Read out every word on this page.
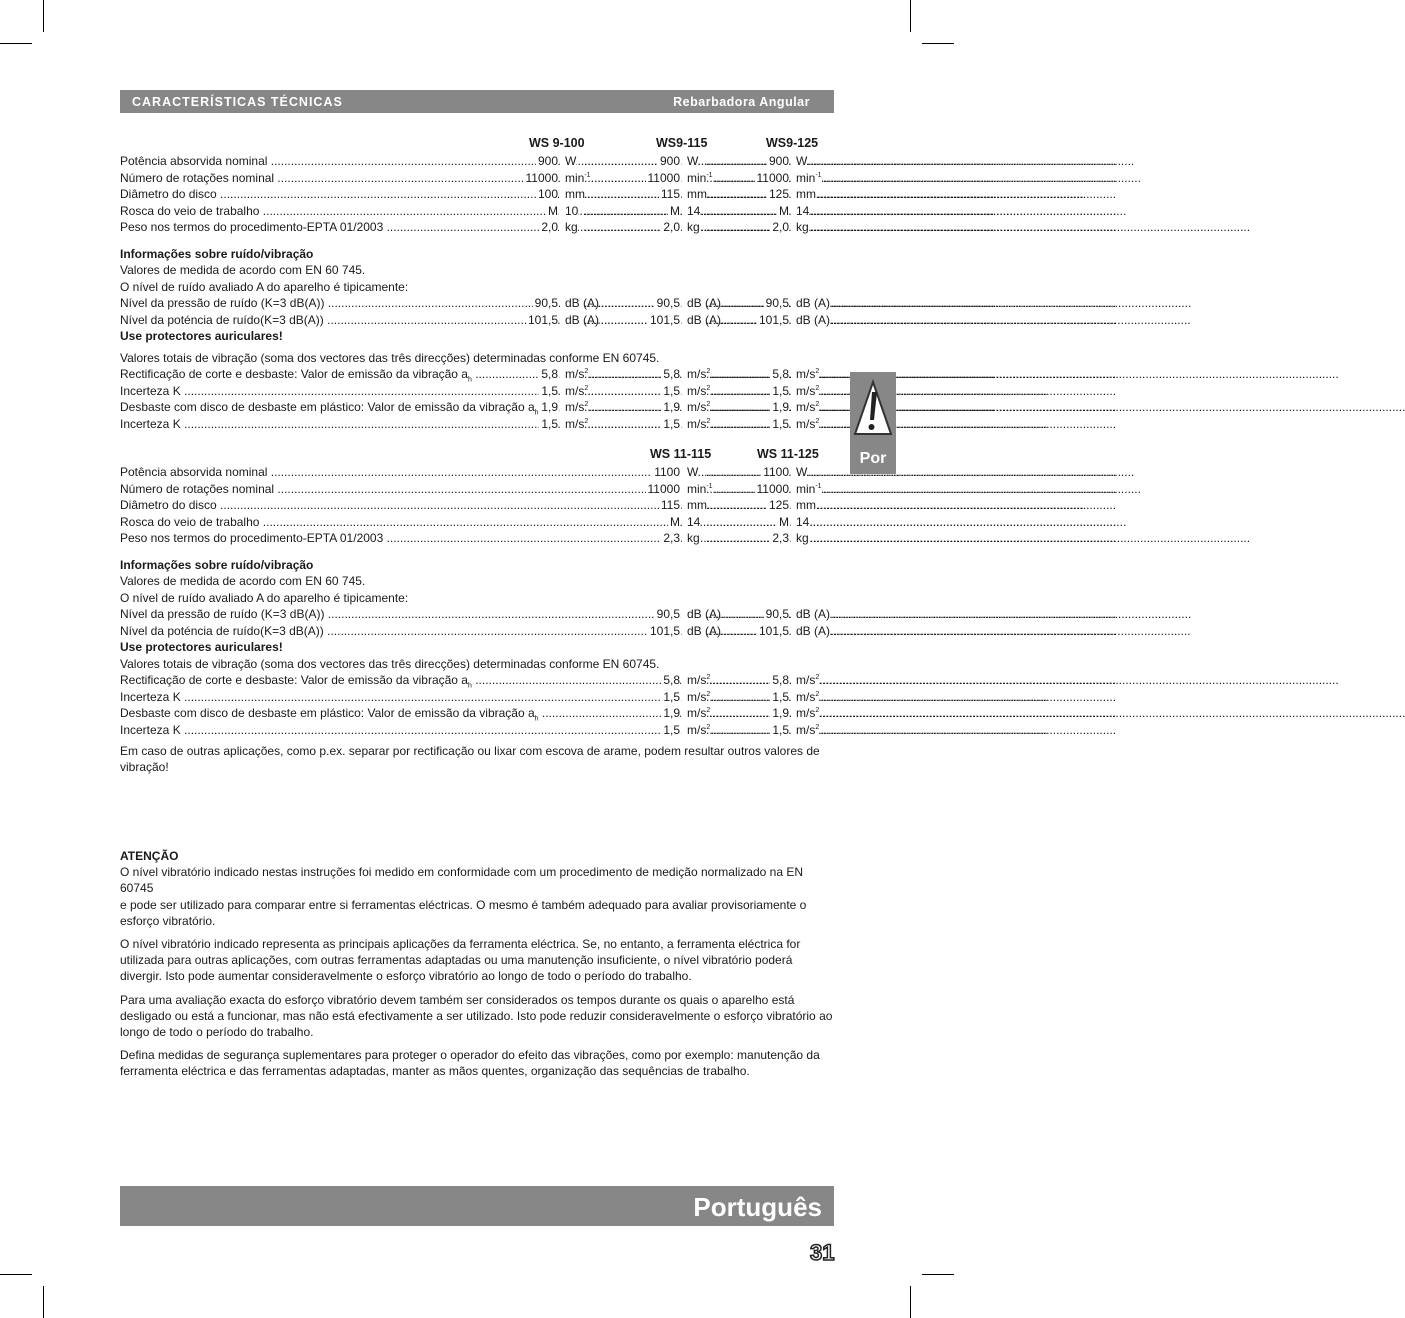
CARACTERÍSTICAS TÉCNICAS	Rebarbadora Angular
WS 9-100	WS9-115	WS9-125
Potência absorvida nominal .....	900 W .....	900 W .....	900 W
Número de rotações nominal .....	11000 $\min^{-1}$ .....	11000 $\min^{-1}$ .....	11000 $\min^{-1}$
Diâmetro do disco .....	100 mm .....	115 mm .....	125 mm
Rosca do veio de trabalho .....	M 10 .....	M 14 .....	M 14
Peso nos termos do procedimento-EPTA 01/2003 .....	2,0 kg .....	2,0 kg .....	2,0 kg
Informações sobre ruído/vibração
Valores de medida de acordo com EN 60 745.
O nível de ruído avaliado A do aparelho é tipicamente:
Nível da pressão de ruído (K=3 dB(A)) .....	90,5 dB (A) .....	90,5 dB (A) .....	90,5 dB (A)
Nível da poténcia de ruído(K=3 dB(A)) .....	101,5 dB (A) .....	101,5 dB (A) .....	101,5 dB (A)
Use protectores auriculares!
Valores totais de vibração (soma dos vectores das três direcções) determinadas conforme EN 60745.
Rectificação de corte e desbaste: Valor de emissão da vibração $a_h$ .....	5,8 $m/s^2$ .....	5,8 $m/s^2$ .....	5,8 $m/s^2$
Incerteza K .....	1,5 $m/s^2$ .....	1,5 $m/s^2$ .....	1,5 $m/s^2$
Desbaste com disco de desbaste em plástico: Valor de emissão da vibração $a_h$ ..... 1,9 $m/s^2$ .....	1,9 $m/s^2$ .....	1,9 $m/s^2$
Incerteza K .....	1,5 $m/s^2$ .....	1,5 $m/s^2$ .....	1,5 $m/s^2$
WS 11-115	WS 11-125
Potência absorvida nominal .....	1100 W .....	1100 W
Número de rotações nominal .....	11000 $\min^{-1}$ .....	11000 $\min^{-1}$
Diâmetro do disco .....	115 mm .....	125 mm
Rosca do veio de trabalho .....	M 14 .....	M 14
Peso nos termos do procedimento-EPTA 01/2003 .....	2,3 kg .....	2,3 kg
Informações sobre ruído/vibração
Valores de medida de acordo com EN 60 745.
O nível de ruído avaliado A do aparelho é tipicamente:
Nível da pressão de ruído (K=3 dB(A)) .....	90,5 dB (A) .....	90,5 dB (A)
Nível da poténcia de ruído(K=3 dB(A)) .....	101,5 dB (A) .....	101,5 dB (A)
Use protectores auriculares!
Valores totais de vibração (soma dos vectores das três direcções) determinadas conforme EN 60745.
Rectificação de corte e desbaste: Valor de emissão da vibração $a_h$ .....	5,8 $m/s^2$ .....	5,8 $m/s^2$
Incerteza K .....	1,5 $m/s^2$ .....	1,5 $m/s^2$
Desbaste com disco de desbaste em plástico: Valor de emissão da vibração $a_h$ .....	1,9 $m/s^2$ .....	1,9 $m/s^2$
Incerteza K .....	1,5 $m/s^2$ .....	1,5 $m/s^2$

Em caso de outras aplicações, como p.ex. separar por rectificação ou lixar com escova de arame, podem resultar outros valores de vibração!

ATENÇÃO

O nível vibratório indicado nestas instruções foi medido em conformidade com um procedimento de medição normalizado na EN 60745

e pode ser utilizado para comparar entre si ferramentas eléctricas. O mesmo é também adequado para avaliar provisoriamente o esforço vibratório.

O nível vibratório indicado representa as principais aplicações da ferramenta eléctrica. Se, no entanto, a ferramenta eléctrica for utilizada para outras aplicações, com outras ferramentas adaptadas ou uma manutenção insuficiente, o nível vibratório poderá divergir. Isto pode aumentar consideravelmente o esforço vibratório ao longo de todo o período do trabalho.

Para uma avaliação exacta do esforço vibratório devem também ser considerados os tempos durante os quais o aparelho está desligado ou está a funcionar, mas não está efectivamente a ser utilizado. Isto pode reduzir consideravelmente o esforço vibratório ao longo de todo o período do trabalho.

Defina medidas de segurança suplementares para proteger o operador do efeito das vibrações, como por exemplo: manutenção da ferramenta eléctrica e das ferramentas adaptadas, manter as mãos quentes, organização das sequências de trabalho.

Por
Português
31
